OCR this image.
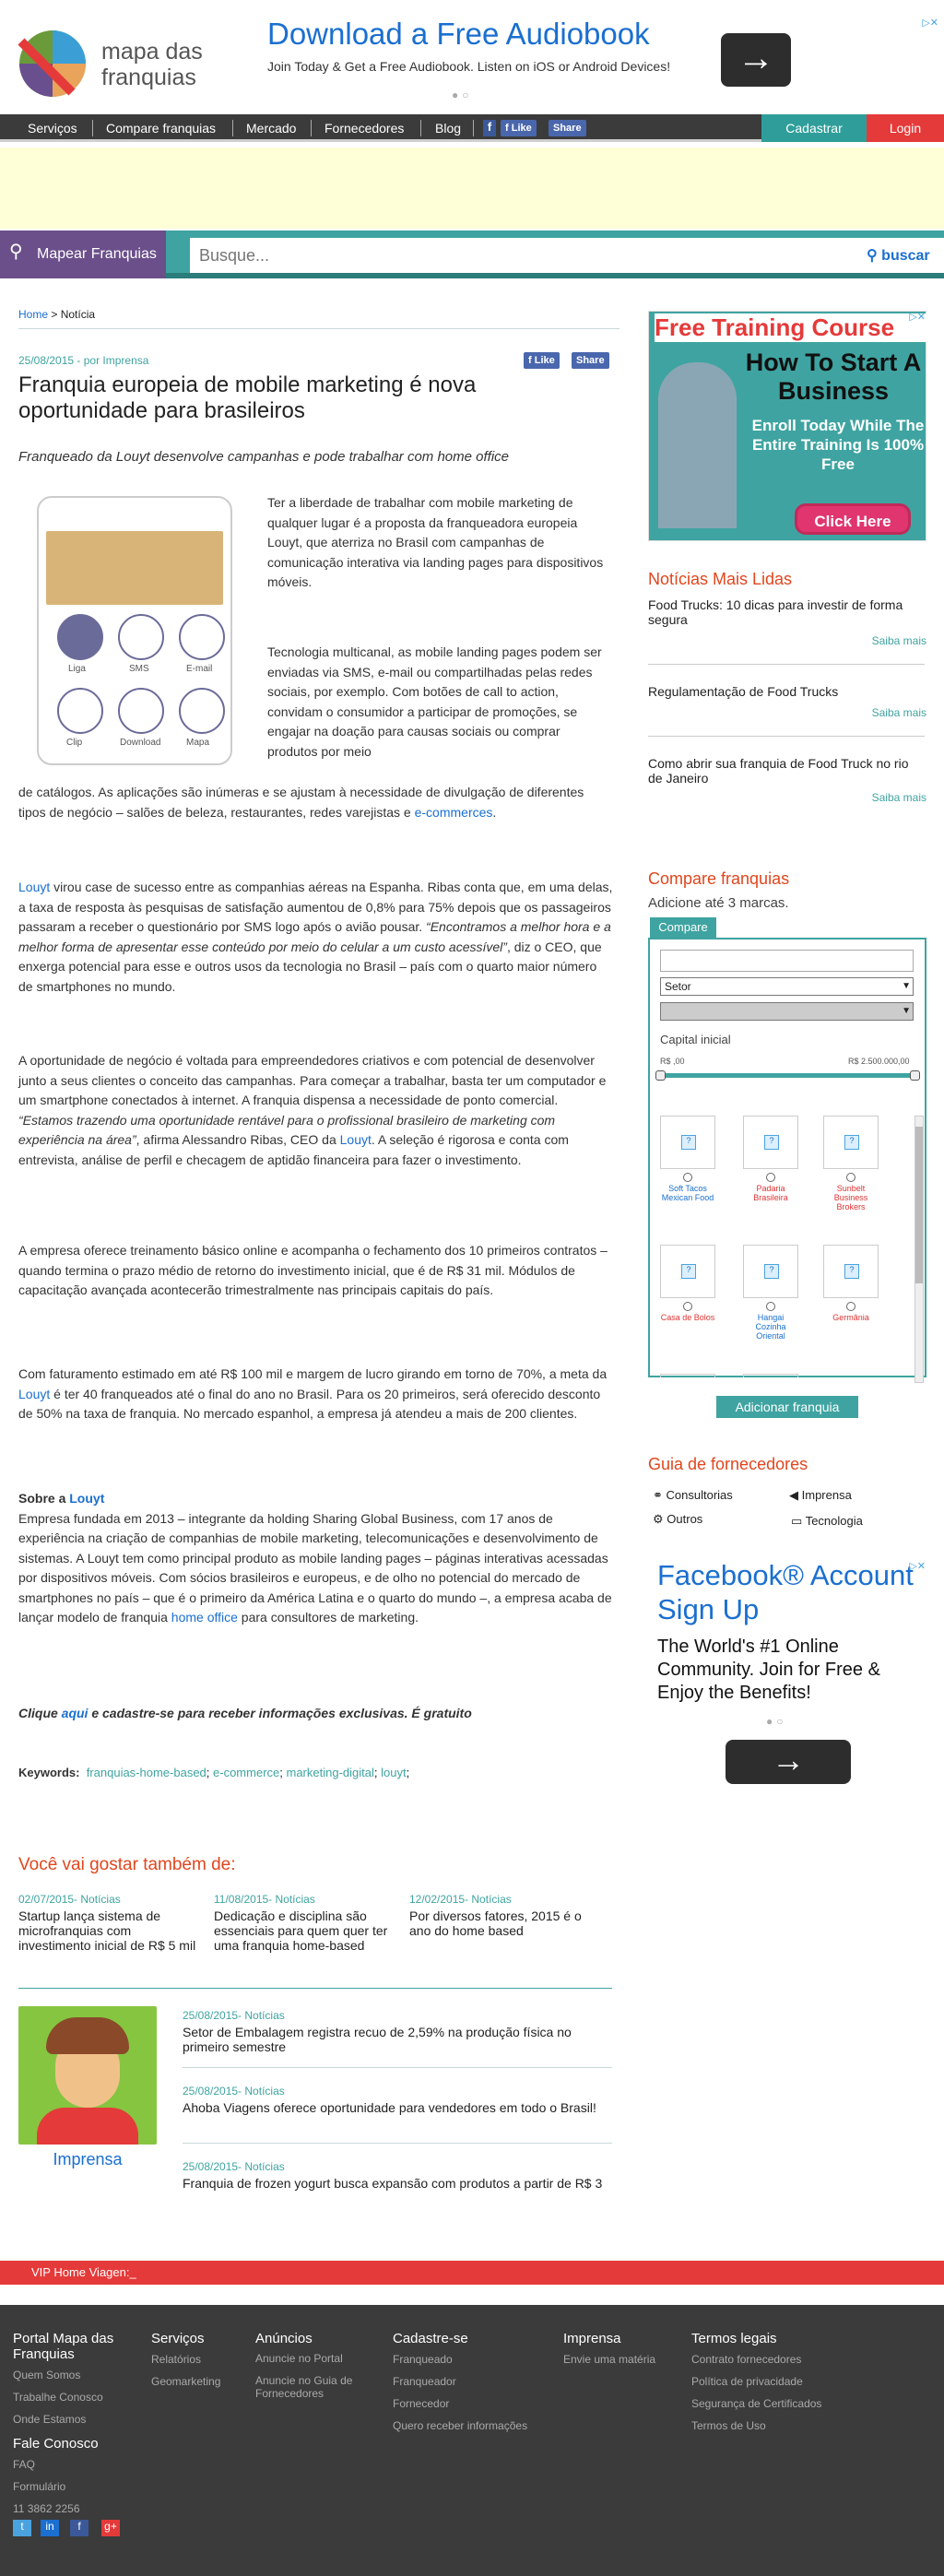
mapa das franquias
Download a Free Audiobook
Join Today & Get a Free Audiobook. Listen on iOS or Android Devices!	→
●○
▷✕
Serviços Compare franquias Mercado Fornecedores Blog	f	f Like	Share	Cadastrar	Login
⚲ Mapear Franquias
Busque...	⚲ buscar
Home > Notícia
25/08/2015 - por Imprensa	f Like	Share
Franquia europeia de mobile marketing é nova oportunidade para brasileiros
Franqueado da Louyt desenvolve campanhas e pode trabalhar com home office
Liga	SMS	E-mail
Clip	Download	Mapa
Ter a liberdade de trabalhar com mobile marketing de qualquer lugar é a proposta da franqueadora europeia Louyt, que aterriza no Brasil com campanhas de comunicação interativa via landing pages para dispositivos móveis.
Tecnologia multicanal, as mobile landing pages podem ser enviadas via SMS, e-mail ou compartilhadas pelas redes sociais, por exemplo. Com botões de call to action, convidam o consumidor a participar de promoções, se engajar na doação para causas sociais ou comprar produtos por meio
de catálogos. As aplicações são inúmeras e se ajustam à necessidade de divulgação de diferentes tipos de negócio – salões de beleza, restaurantes, redes varejistas e e-commerces.
Louyt virou case de sucesso entre as companhias aéreas na Espanha. Ribas conta que, em uma delas, a taxa de resposta às pesquisas de satisfação aumentou de 0,8% para 75% depois que os passageiros passaram a receber o questionário por SMS logo após o avião pousar. “Encontramos a melhor hora e a melhor forma de apresentar esse conteúdo por meio do celular a um custo acessível”, diz o CEO, que enxerga potencial para esse e outros usos da tecnologia no Brasil – país com o quarto maior número de smartphones no mundo.
A oportunidade de negócio é voltada para empreendedores criativos e com potencial de desenvolver junto a seus clientes o conceito das campanhas. Para começar a trabalhar, basta ter um computador e um smartphone conectados à internet. A franquia dispensa a necessidade de ponto comercial. “Estamos trazendo uma oportunidade rentável para o profissional brasileiro de marketing com experiência na área”, afirma Alessandro Ribas, CEO da Louyt. A seleção é rigorosa e conta com entrevista, análise de perfil e checagem de aptidão financeira para fazer o investimento.
A empresa oferece treinamento básico online e acompanha o fechamento dos 10 primeiros contratos – quando termina o prazo médio de retorno do investimento inicial, que é de R$ 31 mil. Módulos de capacitação avançada acontecerão trimestralmente nas principais capitais do país.
Com faturamento estimado em até R$ 100 mil e margem de lucro girando em torno de 70%, a meta da Louyt é ter 40 franqueados até o final do ano no Brasil. Para os 20 primeiros, será oferecido desconto de 50% na taxa de franquia. No mercado espanhol, a empresa já atendeu a mais de 200 clientes.
Sobre a Louyt
Empresa fundada em 2013 – integrante da holding Sharing Global Business, com 17 anos de experiência na criação de companhias de mobile marketing, telecomunicações e desenvolvimento de sistemas. A Louyt tem como principal produto as mobile landing pages – páginas interativas acessadas por dispositivos móveis. Com sócios brasileiros e europeus, e de olho no potencial do mercado de smartphones no país – que é o primeiro da América Latina e o quarto do mundo –, a empresa acaba de lançar modelo de franquia home office para consultores de marketing.
Clique aqui e cadastre-se para receber informações exclusivas. É gratuito
Keywords: franquias-home-based; e-commerce; marketing-digital; louyt;
Você vai gostar também de:
02/07/2015- Notícias
Startup lança sistema de microfranquias com investimento inicial de R$ 5 mil
11/08/2015- Notícias
Dedicação e disciplina são essenciais para quem quer ter uma franquia home-based
12/02/2015- Notícias
Por diversos fatores, 2015 é o ano do home based
Imprensa
25/08/2015- Notícias
Setor de Embalagem registra recuo de 2,59% na produção física no primeiro semestre
25/08/2015- Notícias
Ahoba Viagens oferece oportunidade para vendedores em todo o Brasil!
25/08/2015- Notícias
Franquia de frozen yogurt busca expansão com produtos a partir de R$ 3
Free Training Course
How To Start A Business
Enroll Today While The Entire Training Is 100% Free
Click Here
▷✕
Notícias Mais Lidas
Food Trucks: 10 dicas para investir de forma segura
Saiba mais
Regulamentação de Food Trucks
Saiba mais
Como abrir sua franquia de Food Truck no rio de Janeiro
Saiba mais
Compare franquias
Adicione até 3 marcas.
Compare
Setor	▼
▼
Capital inicial
R$ ,00	R$ 2.500.000,00
?
Soft Tacos Mexican Food
?
Padaria Brasileira
?
Sunbelt Business Brokers
?
Casa de Bolos
?
Hangai Cozinha Oriental
?
Germânia
Adicionar franquia
Guia de fornecedores
⚭ Consultorias	◀ Imprensa
⚙ Outros	▭ Tecnologia
Facebook® Account Sign Up
The World's #1 Online Community. Join for Free & Enjoy the Benefits!
●○
→
▷✕
VIP Home Viagen:_
Portal Mapa das Franquias
Quem Somos
Trabalhe Conosco
Onde Estamos
Fale Conosco
FAQ
Formulário
11 3862 2256
t	in	f	g+
Serviços
Relatórios
Geomarketing
Anúncios
Anuncie no Portal
Anuncie no Guia de Fornecedores
Cadastre-se
Franqueado
Franqueador
Fornecedor
Quero receber informações
Imprensa
Envie uma matéria
Termos legais
Contrato fornecedores
Política de privacidade
Segurança de Certificados
Termos de Uso
